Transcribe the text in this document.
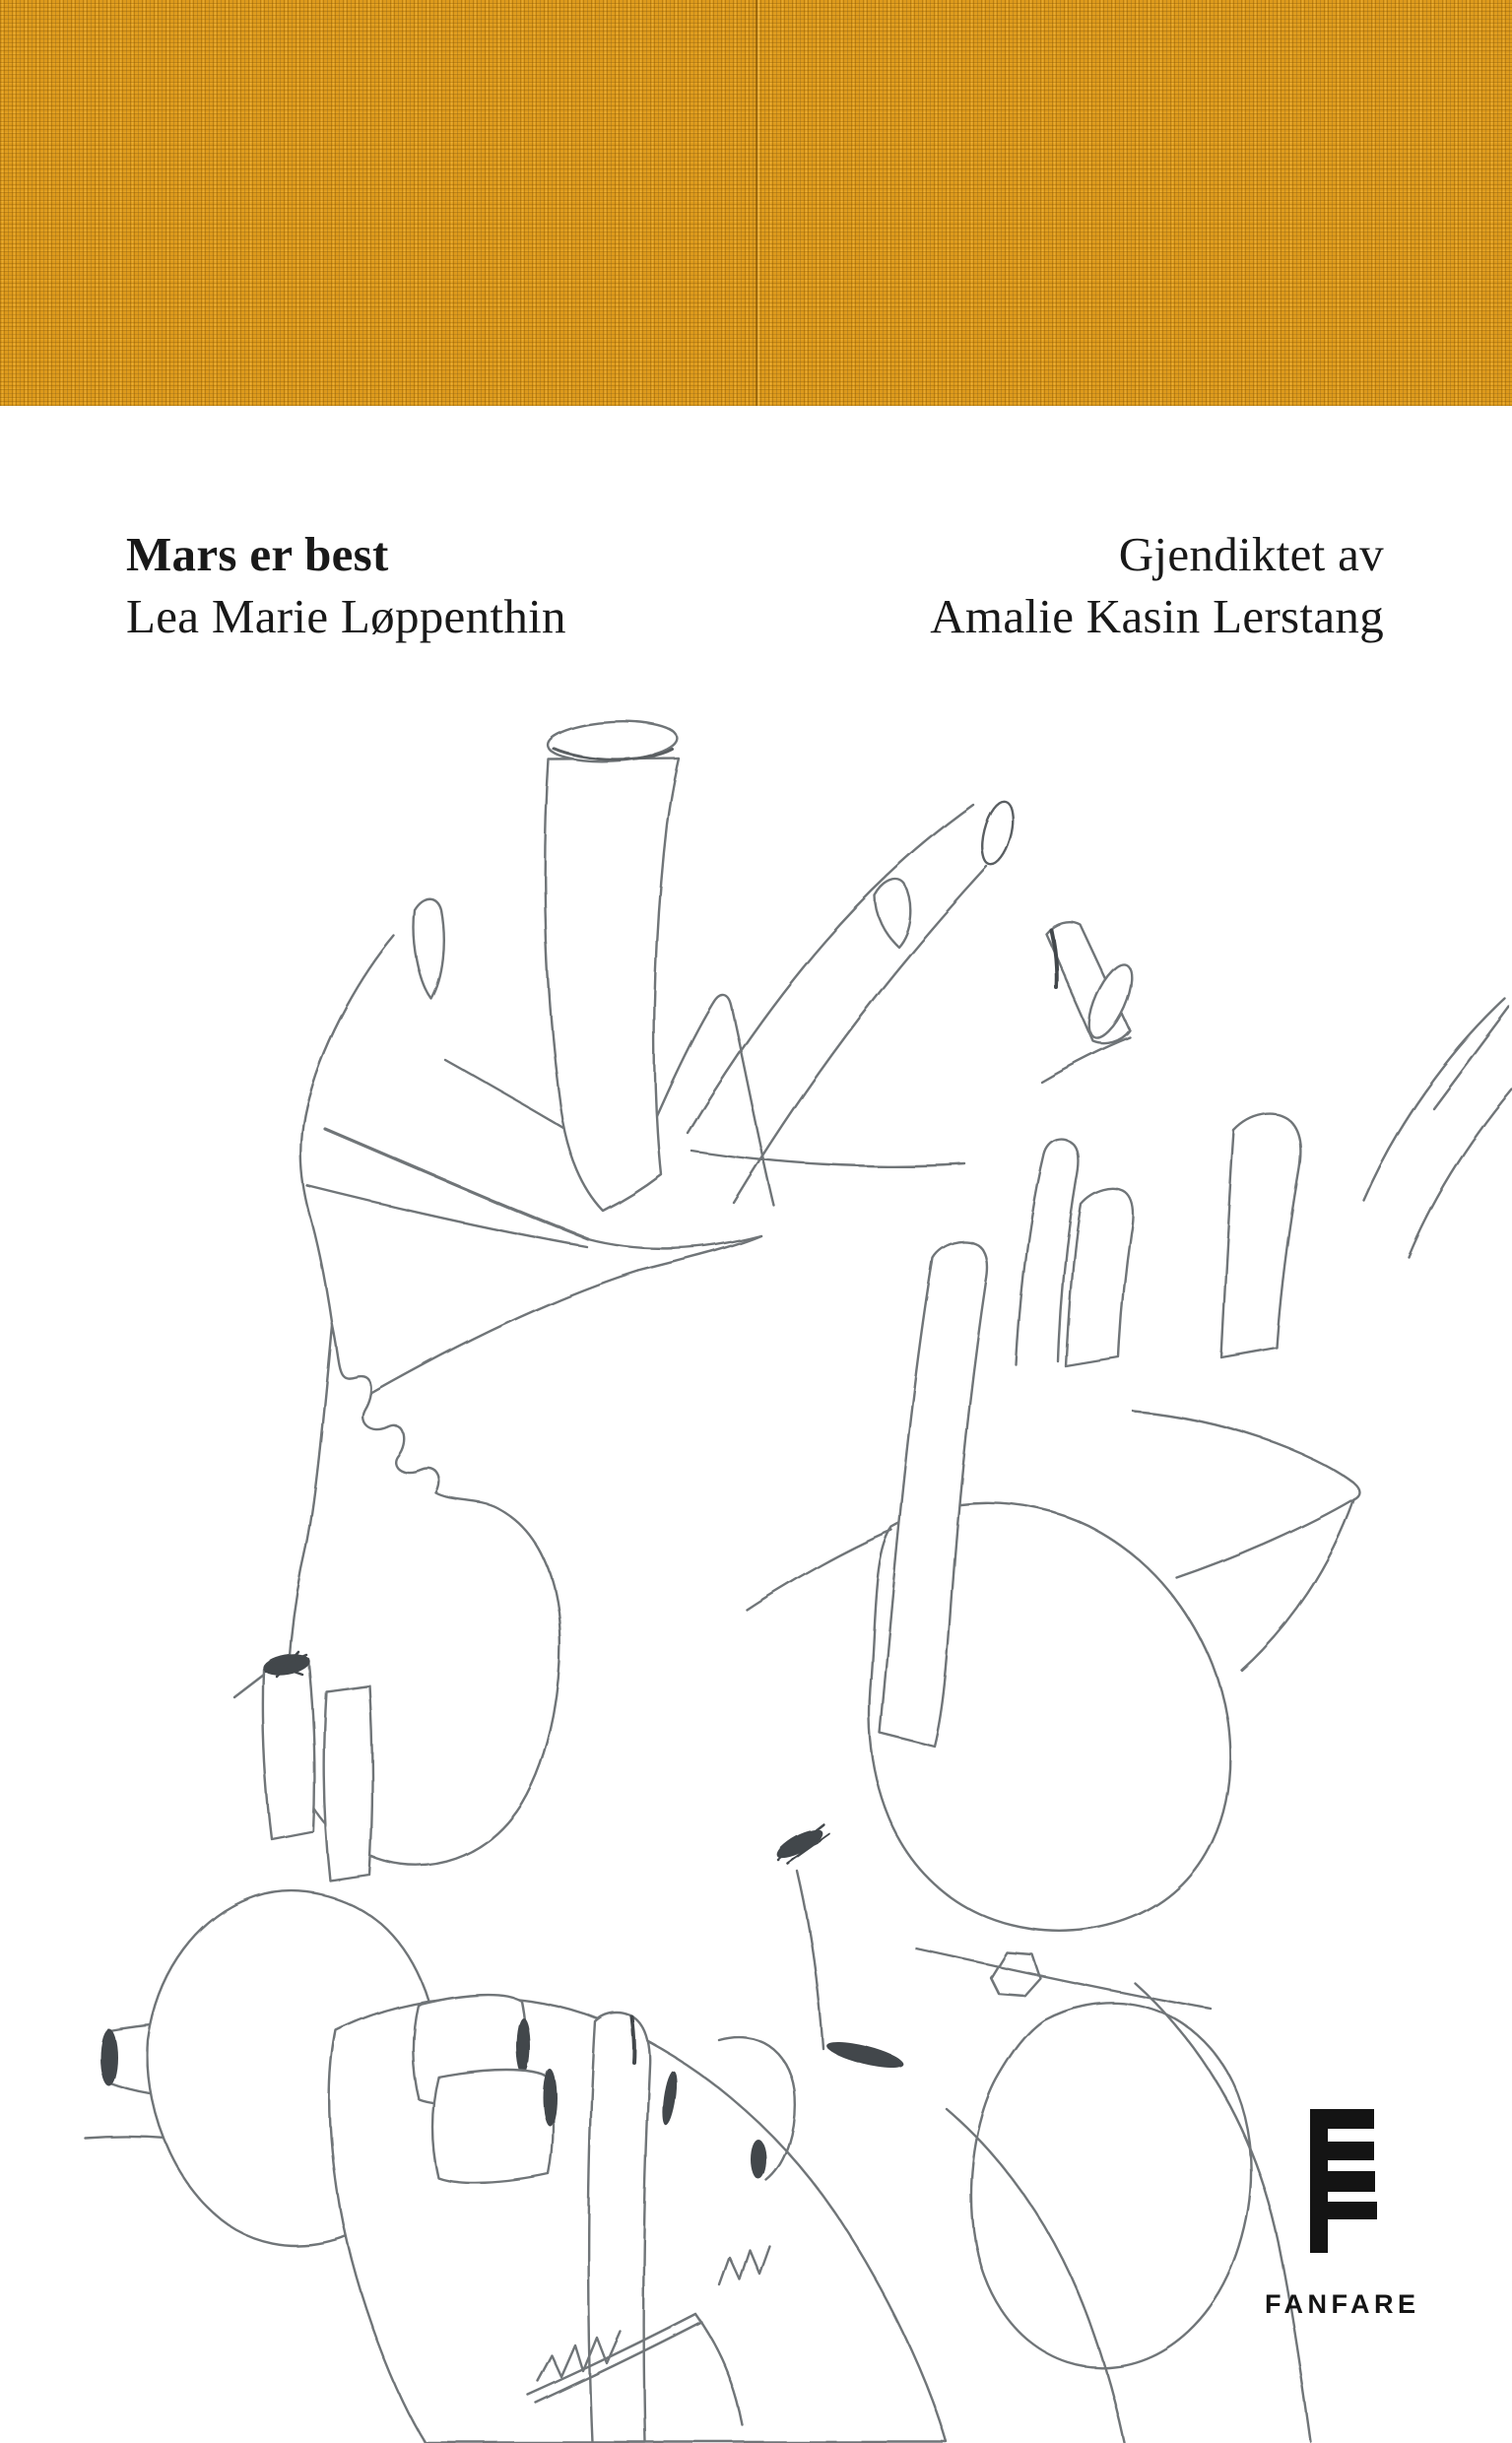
Mars er best
Lea Marie Løppenthin
Gjendiktet av
Amalie Kasin Lerstang
FANFARE
